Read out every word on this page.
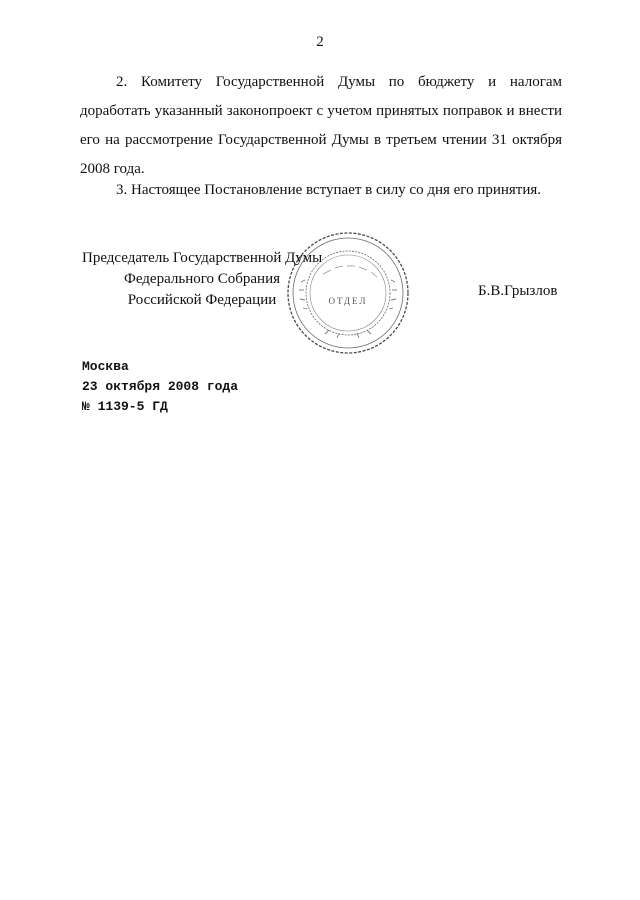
2

2. Комитету Государственной Думы по бюджету и налогам доработать указанный законопроект с учетом принятых поправок и внести его на рассмотрение Государственной Думы в третьем чтении 31 октября 2008 года.

3. Настоящее Постановление вступает в силу со дня его принятия.

ОТДЕЛ
Председатель Государственной Думы
Федерального Собрания
Российской Федерации
Б.В.Грызлов
Москва
23 октября 2008 года
№ 1139-5 ГД
